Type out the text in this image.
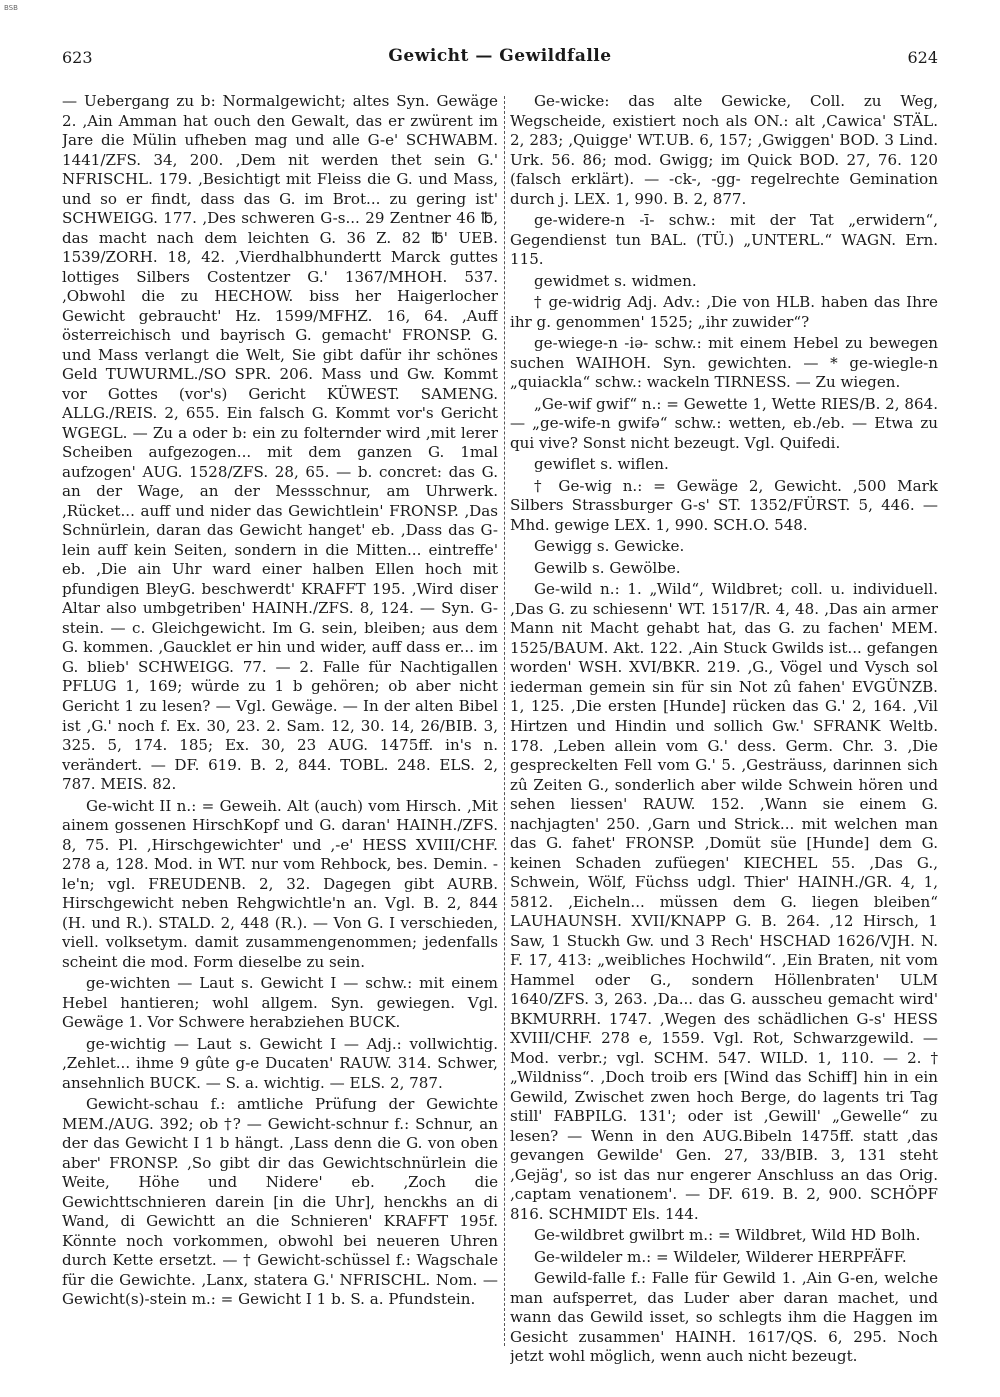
BSB
623	Gewicht — Gewildfalle	624

— Uebergang zu b: Normalgewicht; altes Syn. Gewäge 2. ‚Ain Amman hat ouch den Gewalt, das er zwürent im Jare die Mülin ufheben mag und alle G-e' SCHWABM. 1441/ZFS. 34, 200. ‚Dem nit werden thet sein G.' NFRISCHL. 179. ‚Besichtigt mit Fleiss die G. und Mass, und so er findt, dass das G. im Brot... zu gering ist' SCHWEIGG. 177. ‚Des schweren G-s... 29 Zentner 46 ℔, das macht nach dem leichten G. 36 Z. 82 ℔' UEB. 1539/ZORH. 18, 42. ‚Vierdhalbhundertt Marck guttes lottiges Silbers Costentzer G.' 1367/MHOH. 537. ‚Obwohl die zu HECHOW. biss her Haigerlocher Gewicht gebraucht' Hz. 1599/MFHZ. 16, 64. ‚Auff österreichisch und bayrisch G. gemacht' FRONSP. G. und Mass verlangt die Welt, Sie gibt dafür ihr schönes Geld TUWURML./SO SPR. 206. Mass und Gw. Kommt vor Gottes (vor's) Gericht KÜWEST. SAMENG. ALLG./REIS. 2, 655. Ein falsch G. Kommt vor's Gericht WGEGL. — Zu a oder b: ein zu folternder wird ‚mit lerer Scheiben aufgezogen... mit dem ganzen G. 1mal aufzogen' AUG. 1528/ZFS. 28, 65. — b. concret: das G. an der Wage, an der Messschnur, am Uhrwerk. ‚Rücket... auff und nider das Gewichtlein' FRONSP. ‚Das Schnürlein, daran das Gewicht hanget' eb. ‚Dass das G-lein auff kein Seiten, sondern in die Mitten... eintreffe' eb. ‚Die ain Uhr ward einer halben Ellen hoch mit pfundigen BleyG. beschwerdt' KRAFFT 195. ‚Wird diser Altar also umbgetriben' HAINH./ZFS. 8, 124. — Syn. G-stein. — c. Gleichgewicht. Im G. sein, bleiben; aus dem G. kommen. ‚Gaucklet er hin und wider, auff dass er... im G. blieb' SCHWEIGG. 77. — 2. Falle für Nachtigallen PFLUG 1, 169; würde zu 1 b gehören; ob aber nicht Gericht 1 zu lesen? — Vgl. Gewäge. — In der alten Bibel ist ‚G.' noch f. Ex. 30, 23. 2. Sam. 12, 30. 14, 26/BIB. 3, 325. 5, 174. 185; Ex. 30, 23 AUG. 1475ff. in's n. verändert. — DF. 619. B. 2, 844. TOBL. 248. ELS. 2, 787. MEIS. 82.

Ge-wicht II n.: = Geweih. Alt (auch) vom Hirsch. ‚Mit ainem gossenen HirschKopf und G. daran' HAINH./ZFS. 8, 75. Pl. ‚Hirschgewichter' und ‚-e' HESS XVIII/CHF. 278 a, 128. Mod. in WT. nur vom Rehbock, bes. Demin. -le'n; vgl. FREUDENB. 2, 32. Dagegen gibt AURB. Hirschgewicht neben Rehgwichtle'n an. Vgl. B. 2, 844 (H. und R.). STALD. 2, 448 (R.). — Von G. I verschieden, viell. volksetym. damit zusammengenommen; jedenfalls scheint die mod. Form dieselbe zu sein.

ge-wichten — Laut s. Gewicht I — schw.: mit einem Hebel hantieren; wohl allgem. Syn. gewiegen. Vgl. Gewäge 1. Vor Schwere herabziehen BUCK.

ge-wichtig — Laut s. Gewicht I — Adj.: vollwichtig. ‚Zehlet... ihme 9 gûte g-e Ducaten' RAUW. 314. Schwer, ansehnlich BUCK. — S. a. wichtig. — ELS. 2, 787.

Gewicht-schau f.: amtliche Prüfung der Gewichte MEM./AUG. 392; ob †? — Gewicht-schnur f.: Schnur, an der das Gewicht I 1 b hängt. ‚Lass denn die G. von oben aber' FRONSP. ‚So gibt dir das Gewichtschnürlein die Weite, Höhe und Nidere' eb. ‚Zoch die Gewichttschnieren darein [in die Uhr], henckhs an di Wand, di Gewichtt an die Schnieren' KRAFFT 195f. Könnte noch vorkommen, obwohl bei neueren Uhren durch Kette ersetzt. — † Gewicht-schüssel f.: Wagschale für die Gewichte. ‚Lanx, statera G.' NFRISCHL. Nom. — Gewicht(s)-stein m.: = Gewicht I 1 b. S. a. Pfundstein.

Ge-wicke: das alte Gewicke, Coll. zu Weg, Wegscheide, existiert noch als ON.: alt ‚Cawica' STÄL. 2, 283; ‚Quigge' WT.UB. 6, 157; ‚Gwiggen' BOD. 3 Lind. Urk. 56. 86; mod. Gwigg; im Quick BOD. 27, 76. 120 (falsch erklärt). — -ck-, -gg- regelrechte Gemination durch j. LEX. 1, 990. B. 2, 877.

ge-widere-n -ī- schw.: mit der Tat „erwidern“, Gegendienst tun BAL. (TÜ.) „UNTERL.“ WAGN. Ern. 115.

gewidmet s. widmen.

† ge-widrig Adj. Adv.: ‚Die von HLB. haben das Ihre ihr g. genommen' 1525; „ihr zuwider“?

ge-wiege-n -iə- schw.: mit einem Hebel zu bewegen suchen WAIHOH. Syn. gewichten. — * ge-wiegle-n „quiackla“ schw.: wackeln TIRNESS. — Zu wiegen.

„Ge-wif gwif“ n.: = Gewette 1, Wette RIES/B. 2, 864. — „ge-wife-n gwifə“ schw.: wetten, eb./eb. — Etwa zu qui vive? Sonst nicht bezeugt. Vgl. Quifedi.

gewiflet s. wiflen.

† Ge-wig n.: = Gewäge 2, Gewicht. ‚500 Mark Silbers Strassburger G-s' ST. 1352/FÜRST. 5, 446. — Mhd. gewige LEX. 1, 990. SCH.O. 548.

Gewigg s. Gewicke.

Gewilb s. Gewölbe.

Ge-wild n.: 1. „Wild“, Wildbret; coll. u. individuell. ‚Das G. zu schiesenn' WT. 1517/R. 4, 48. ‚Das ain armer Mann nit Macht gehabt hat, das G. zu fachen' MEM. 1525/BAUM. Akt. 122. ‚Ain Stuck Gwilds ist... gefangen worden' WSH. XVI/BKR. 219. ‚G., Vögel und Vysch sol iederman gemein sin für sin Not zû fahen' EVGÜNZB. 1, 125. ‚Die ersten [Hunde] rücken das G.' 2, 164. ‚Vil Hirtzen und Hindin und sollich Gw.' SFRANK Weltb. 178. ‚Leben allein vom G.' dess. Germ. Chr. 3. ‚Die gespreckelten Fell vom G.' 5. ‚Gesträuss, darinnen sich zû Zeiten G., sonderlich aber wilde Schwein hören und sehen liessen' RAUW. 152. ‚Wann sie einem G. nachjagten' 250. ‚Garn und Strick... mit welchen man das G. fahet' FRONSP. ‚Domüt süe [Hunde] dem G. keinen Schaden zufüegen' KIECHEL 55. ‚Das G., Schwein, Wölf, Füchss udgl. Thier' HAINH./GR. 4, 1, 5812. ‚Eicheln... müssen dem G. liegen bleiben“ LAUHAUNSH. XVII/KNAPP G. B. 264. ‚12 Hirsch, 1 Saw, 1 Stuckh Gw. und 3 Rech' HSCHAD 1626/VJH. N. F. 17, 413: „weibliches Hochwild“. ‚Ein Braten, nit vom Hammel oder G., sondern Höllenbraten' ULM 1640/ZFS. 3, 263. ‚Da... das G. ausscheu gemacht wird' BKMURRH. 1747. ‚Wegen des schädlichen G-s' HESS XVIII/CHF. 278 e, 1559. Vgl. Rot, Schwarzgewild. — Mod. verbr.; vgl. SCHM. 547. WILD. 1, 110. — 2. † „Wildniss“. ‚Doch troib ers [Wind das Schiff] hin in ein Gewild, Zwischet zwen hoch Berge, do lagents tri Tag still' FABPILG. 131'; oder ist ‚Gewill' „Gewelle“ zu lesen? — Wenn in den AUG.Bibeln 1475ff. statt ‚das gevangen Gewilde' Gen. 27, 33/BIB. 3, 131 steht ‚Gejäg', so ist das nur engerer Anschluss an das Orig. ‚captam venationem'. — DF. 619. B. 2, 900. SCHÖPF 816. SCHMIDT Els. 144.

Ge-wildbret gwilbrt m.: = Wildbret, Wild HD Bolh.

Ge-wildeler m.: = Wildeler, Wilderer HERPFÄFF.

Gewild-falle f.: Falle für Gewild 1. ‚Ain G-en, welche man aufsperret, das Luder aber daran machet, und wann das Gewild isset, so schlegts ihm die Haggen im Gesicht zusammen' HAINH. 1617/QS. 6, 295. Noch jetzt wohl möglich, wenn auch nicht bezeugt.
